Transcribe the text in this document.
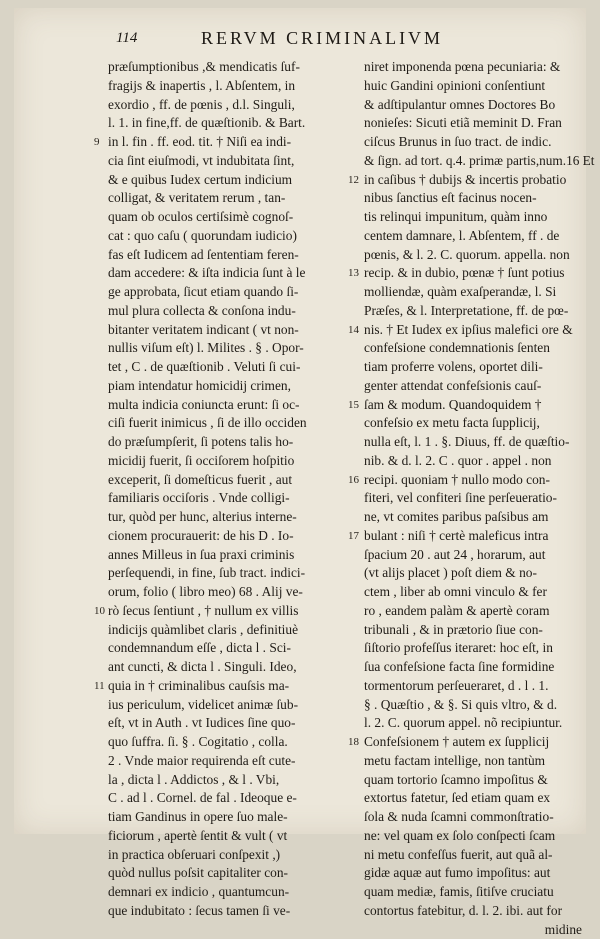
114	RERVM CRIMINALIVM
præſumptionibus ,& mendicatis ſuf-
fragijs & inapertis , l. Abſentem, in
exordio , ff. de pœnis , d.l. Singuli,
l. 1. in fine,ff. de quæſtionib. & Bart.
9 in l. fin . ff. eod. tit. † Niſi ea indi-
cia ſint eiuſmodi, vt indubitata ſint,
& e quibus Iudex certum indicium
colligat, & veritatem rerum , tan-
quam ob oculos certiſsimè cognoſ-
cat : quo caſu ( quorundam iudicio)
fas eſt Iudicem ad ſententiam feren-
dam accedere: & iſta indicia ſunt à le
ge approbata, ſicut etiam quando ſi-
mul plura collecta & conſona indu-
bitanter veritatem indicant ( vt non-
nullis viſum eſt) l. Milites . § . Opor-
tet , C . de quæſtionib . Veluti ſi cui-
piam intendatur homicidij crimen,
multa indicia coniuncta erunt: ſi oc-
ciſi fuerit inimicus , ſi de illo occiden
do præſumpſerit, ſi potens talis ho-
micidij fuerit, ſi occiſorem hoſpitio
exceperit, ſi domeſticus fuerit , aut
familiaris occiſoris . Vnde colligi-
tur, quòd per hunc, alterius interne-
cionem procurauerit: de his D . Io-
annes Milleus in ſua praxi criminis
perſequendi, in fine, ſub tract. indici-
orum, folio ( libro meo) 68 . Alij ve-
10 rò ſecus ſentiunt , † nullum ex villis
indicijs quàmlibet claris , definitiuè
condemnandum eſſe , dicta l . Sci-
ant cuncti, & dicta l . Singuli. Ideo,
11 quia in † criminalibus cauſsis ma-
ius periculum, videlicet animæ ſub-
eſt, vt in Auth . vt Iudices ſine quo-
quo ſuffra. ſi. § . Cogitatio , colla.
2 . Vnde maior requirenda eſt cute-
la , dicta l . Addictos , & l . Vbi,
C . ad l . Cornel. de fal . Ideoque e-
tiam Gandinus in opere ſuo male-
ficiorum , apertè ſentit & vult ( vt
in practica obſeruari conſpexit ,)
quòd nullus poſsit capitaliter con-
demnari ex indicio , quantumcun-
que indubitato : ſecus tamen ſi ve-
niret imponenda pœna pecuniaria: &
huic Gandini opinioni conſentiunt
& adſtipulantur omnes Doctores Bo
nonieſes: Sicuti etiã meminit D. Fran
ciſcus Brunus in ſuo tract. de indic.
& ſign. ad tort. q.4. primæ partis,num.16 Et
12 in caſibus † dubijs & incertis probatio
nibus ſanctius eſt facinus nocen-
tis relinqui impunitum, quàm inno
centem damnare, l. Abſentem, ff . de
pœnis, & l. 2. C. quorum. appella. non
13 recip. & in dubio, pœnæ † ſunt potius
molliendæ, quàm exaſperandæ, l. Si
Præſes, & l. Interpretatione, ff. de pœ-
14 nis. † Et Iudex ex ipſius malefici ore &
confeſsione condemnationis ſenten
tiam proferre volens, oportet dili-
genter attendat confeſsionis cauſ-
15 ſam & modum. Quandoquidem †
confeſsio ex metu facta ſupplicij,
nulla eſt, l. 1 . §. Diuus, ff. de quæſtio-
nib. & d. l. 2. C . quor . appel . non
16 recipi. quoniam † nullo modo con-
fiteri, vel confiteri ſine perſeueratio-
ne, vt comites paribus paſsibus am
17 bulant : niſi † certè maleficus intra
ſpacium 20 . aut 24 , horarum, aut
(vt alijs placet ) poſt diem & no-
ctem , liber ab omni vinculo & fer
ro , eandem palàm & apertè coram
tribunali , & in prætorio ſiue con-
ſiſtorio profeſſus iteraret: hoc eſt, in
ſua confeſsione facta ſine formidine
tormentorum perſeueraret, d . l . 1.
§ . Quæſtio , & §. Si quis vltro, & d.
l. 2. C. quorum appel. nõ recipiuntur.
18 Confeſsionem † autem ex ſupplicij
metu factam intellige, non tantùm
quam tortorio ſcamno impoſitus &
extortus fatetur, ſed etiam quam ex
ſola & nuda ſcamni commonſtratio-
ne: vel quam ex ſolo conſpecti ſcam
ni metu confeſſus fuerit, aut quã al-
gidæ aquæ aut fumo impoſitus: aut
quam mediæ, famis, ſitiſve cruciatu
contortus fatebitur, d. l. 2. ibi. aut for
midine
